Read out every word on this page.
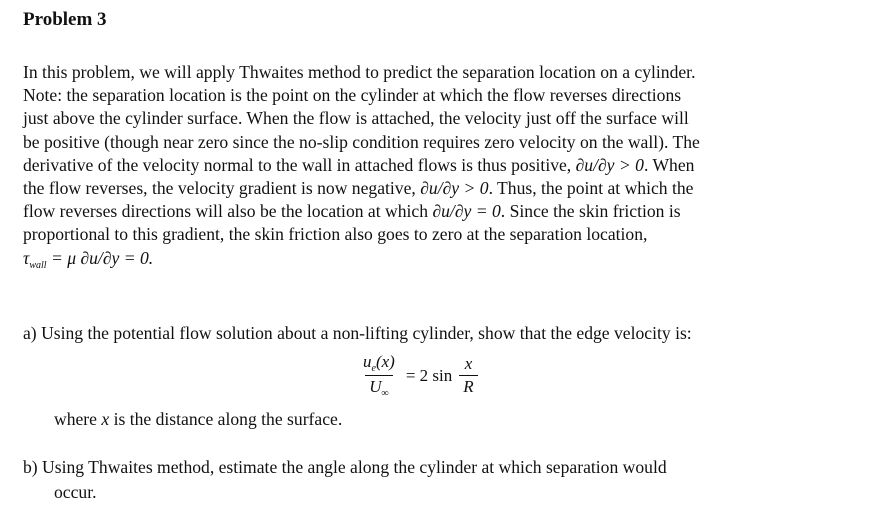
Problem 3
In this problem, we will apply Thwaites method to predict the separation location on a cylinder.
Note: the separation location is the point on the cylinder at which the flow reverses directions
just above the cylinder surface. When the flow is attached, the velocity just off the surface will
be positive (though near zero since the no-slip condition requires zero velocity on the wall). The
derivative of the velocity normal to the wall in attached flows is thus positive, ∂u/∂y > 0. When
the flow reverses, the velocity gradient is now negative, ∂u/∂y > 0. Thus, the point at which the
flow reverses directions will also be the location at which ∂u/∂y = 0. Since the skin friction is
proportional to this gradient, the skin friction also goes to zero at the separation location,
$\tau_{wall} = \mu$ ∂u/∂y = 0.
a) Using the potential flow solution about a non-lifting cylinder, show that the edge velocity is:
$\frac{u_e(x)}{U_\infty} = 2$ $\sin \frac{x}{R}$
where x is the distance along the surface.
b) Using Thwaites method, estimate the angle along the cylinder at which separation would
occur.
